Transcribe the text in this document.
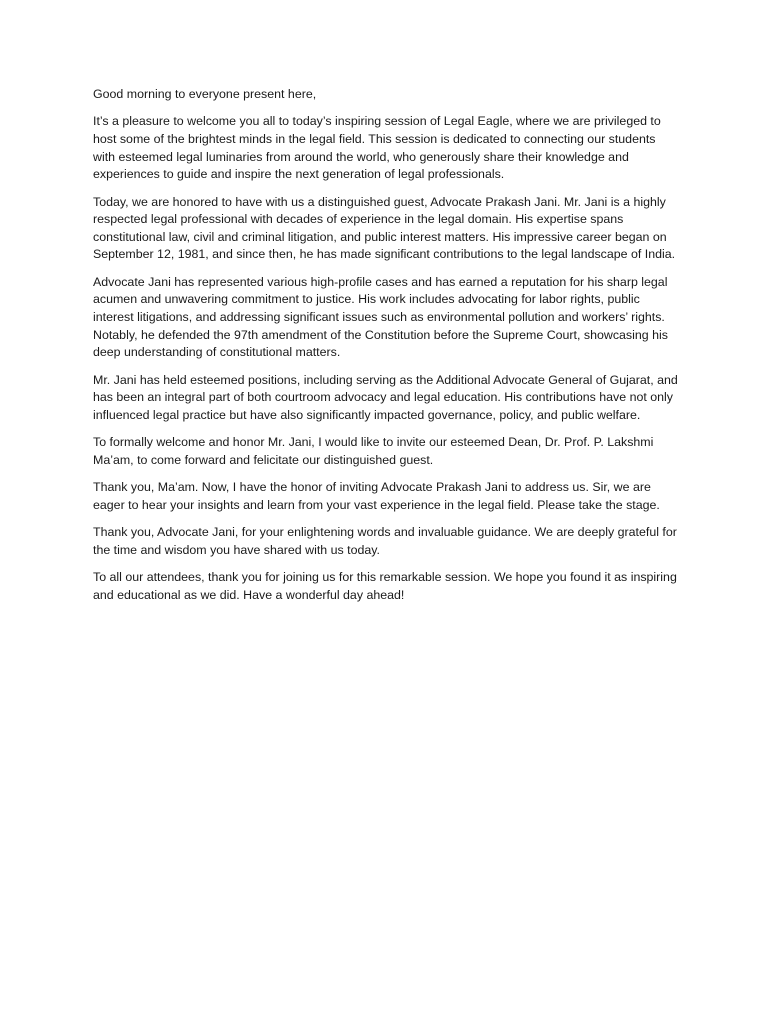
Good morning to everyone present here,

It’s a pleasure to welcome you all to today’s inspiring session of Legal Eagle, where we are privileged to host some of the brightest minds in the legal field. This session is dedicated to connecting our students with esteemed legal luminaries from around the world, who generously share their knowledge and experiences to guide and inspire the next generation of legal professionals.

Today, we are honored to have with us a distinguished guest, Advocate Prakash Jani. Mr. Jani is a highly respected legal professional with decades of experience in the legal domain. His expertise spans constitutional law, civil and criminal litigation, and public interest matters. His impressive career began on September 12, 1981, and since then, he has made significant contributions to the legal landscape of India.

Advocate Jani has represented various high-profile cases and has earned a reputation for his sharp legal acumen and unwavering commitment to justice. His work includes advocating for labor rights, public interest litigations, and addressing significant issues such as environmental pollution and workers’ rights. Notably, he defended the 97th amendment of the Constitution before the Supreme Court, showcasing his deep understanding of constitutional matters.

Mr. Jani has held esteemed positions, including serving as the Additional Advocate General of Gujarat, and has been an integral part of both courtroom advocacy and legal education. His contributions have not only influenced legal practice but have also significantly impacted governance, policy, and public welfare.

To formally welcome and honor Mr. Jani, I would like to invite our esteemed Dean, Dr. Prof. P. Lakshmi Ma’am, to come forward and felicitate our distinguished guest.

Thank you, Ma’am. Now, I have the honor of inviting Advocate Prakash Jani to address us. Sir, we are eager to hear your insights and learn from your vast experience in the legal field. Please take the stage.

Thank you, Advocate Jani, for your enlightening words and invaluable guidance. We are deeply grateful for the time and wisdom you have shared with us today.

To all our attendees, thank you for joining us for this remarkable session. We hope you found it as inspiring and educational as we did. Have a wonderful day ahead!
